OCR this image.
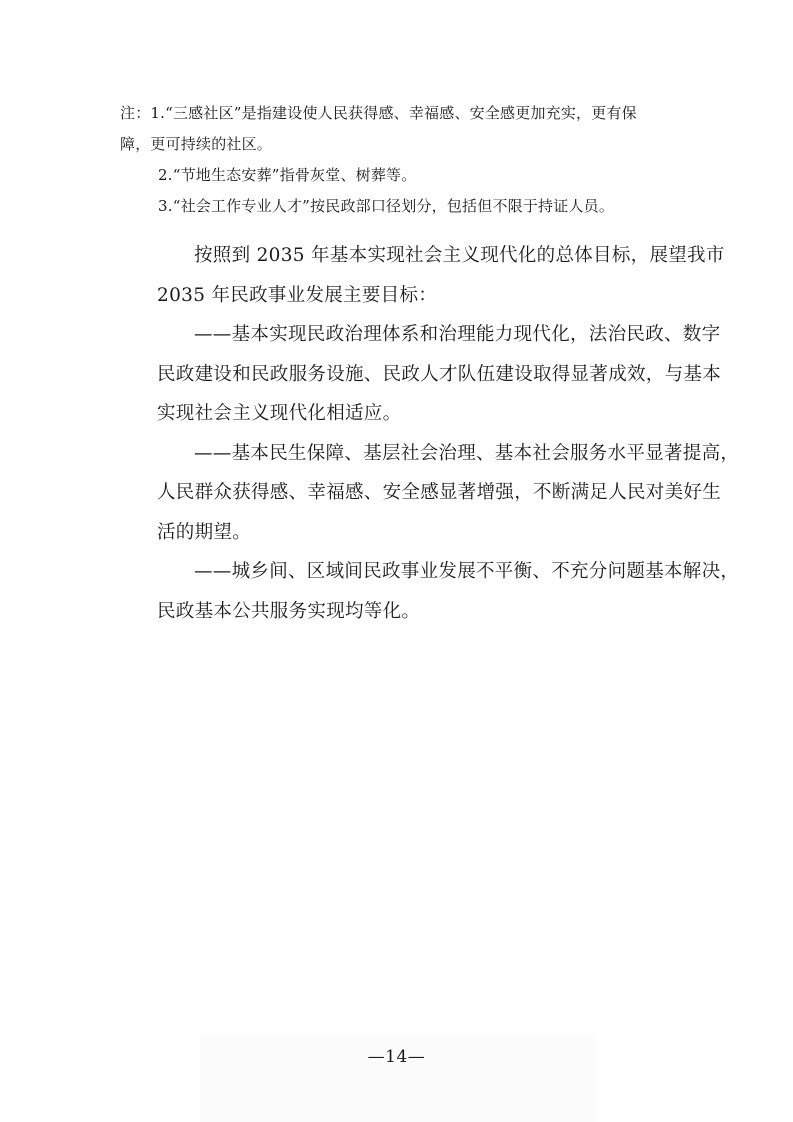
注：1.“三感社区”是指建设使人民获得感、幸福感、安全感更加充实，更有保
障，更可持续的社区。
2.“节地生态安葬”指骨灰堂、树葬等。
3.“社会工作专业人才”按民政部口径划分，包括但不限于持证人员。

按照到 2035 年基本实现社会主义现代化的总体目标，展望我市
2035 年民政事业发展主要目标：

——基本实现民政治理体系和治理能力现代化，法治民政、数字
民政建设和民政服务设施、民政人才队伍建设取得显著成效，与基本
实现社会主义现代化相适应。

——基本民生保障、基层社会治理、基本社会服务水平显著提高，
人民群众获得感、幸福感、安全感显著增强，不断满足人民对美好生
活的期望。

——城乡间、区域间民政事业发展不平衡、不充分问题基本解决，
民政基本公共服务实现均等化。

—14—
